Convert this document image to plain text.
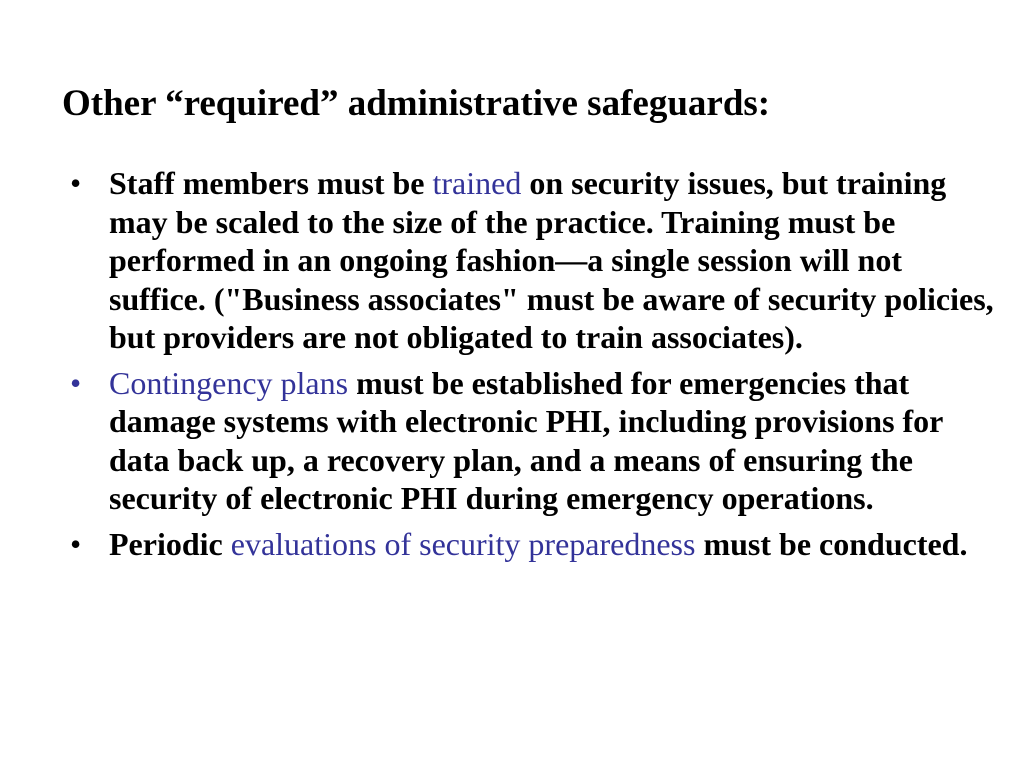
Other “required” administrative safeguards:
• Staff members must be trained on security issues, but training may be scaled to the size of the practice. Training must be performed in an ongoing fashion—a single session will not suffice. ("Business associates" must be aware of security policies, but providers are not obligated to train associates).
• Contingency plans must be established for emergencies that damage systems with electronic PHI, including provisions for data back up, a recovery plan, and a means of ensuring the security of electronic PHI during emergency operations.
• Periodic evaluations of security preparedness must be conducted.
